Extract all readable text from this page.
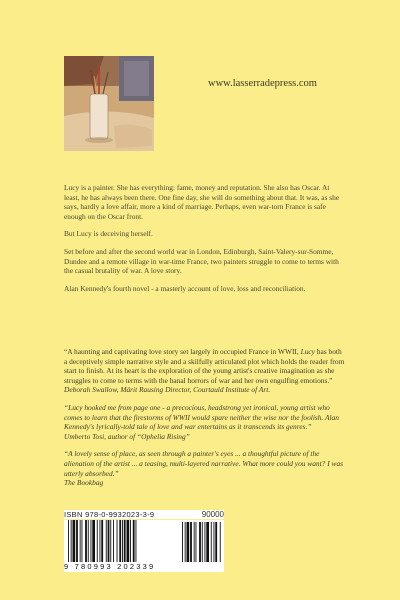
www.lasserradepress.com

Lucy is a painter. She has everything: fame, money and reputation. She also has Oscar. At least, he has always been there. One fine day, she will do something about that. It was, as she says, hardly a love affair, more a kind of marriage. Perhaps, even war-torn France is safe enough on the Oscar front.

But Lucy is deceiving herself.

Set before and after the second world war in London, Edinburgh, Saint-Valery-sur-Somme, Dundee and a remote village in war-time France, two painters struggle to come to terms with the casual brutality of war. A love story.

Alan Kennedy's fourth novel - a masterly account of love, loss and reconciliation.

“A haunting and captivating love story set largely in occupied France in WWII, Lucy has both a deceptively simple narrative style and a skilfully articulated plot which holds the reader from start to finish. At its heart is the exploration of the young artist's creative imagination as she struggles to come to terms with the banal horrors of war and her own engulfing emotions.”
Deborah Swallow, Märit Rausing Director, Courtauld Institute of Art.
“Lucy hooked me from page one - a precocious, headstrong yet ironical, young artist who comes to learn that the firestorms of WWII would spare neither the wise nor the foolish. Alan Kennedy's lyrically-told tale of love and war entertains as it transcends its genres.”
Umberto Tosi, author of “Ophelia Rising”
“A lovely sense of place, as seen through a painter's eyes ... a thoughtful picture of the alienation of the artist ... a teasing, multi-layered narrative. What more could you want? I was utterly absorbed.”
The Bookbag
ISBN 978-0-9932023-3-9	90000
9 780993 202339
